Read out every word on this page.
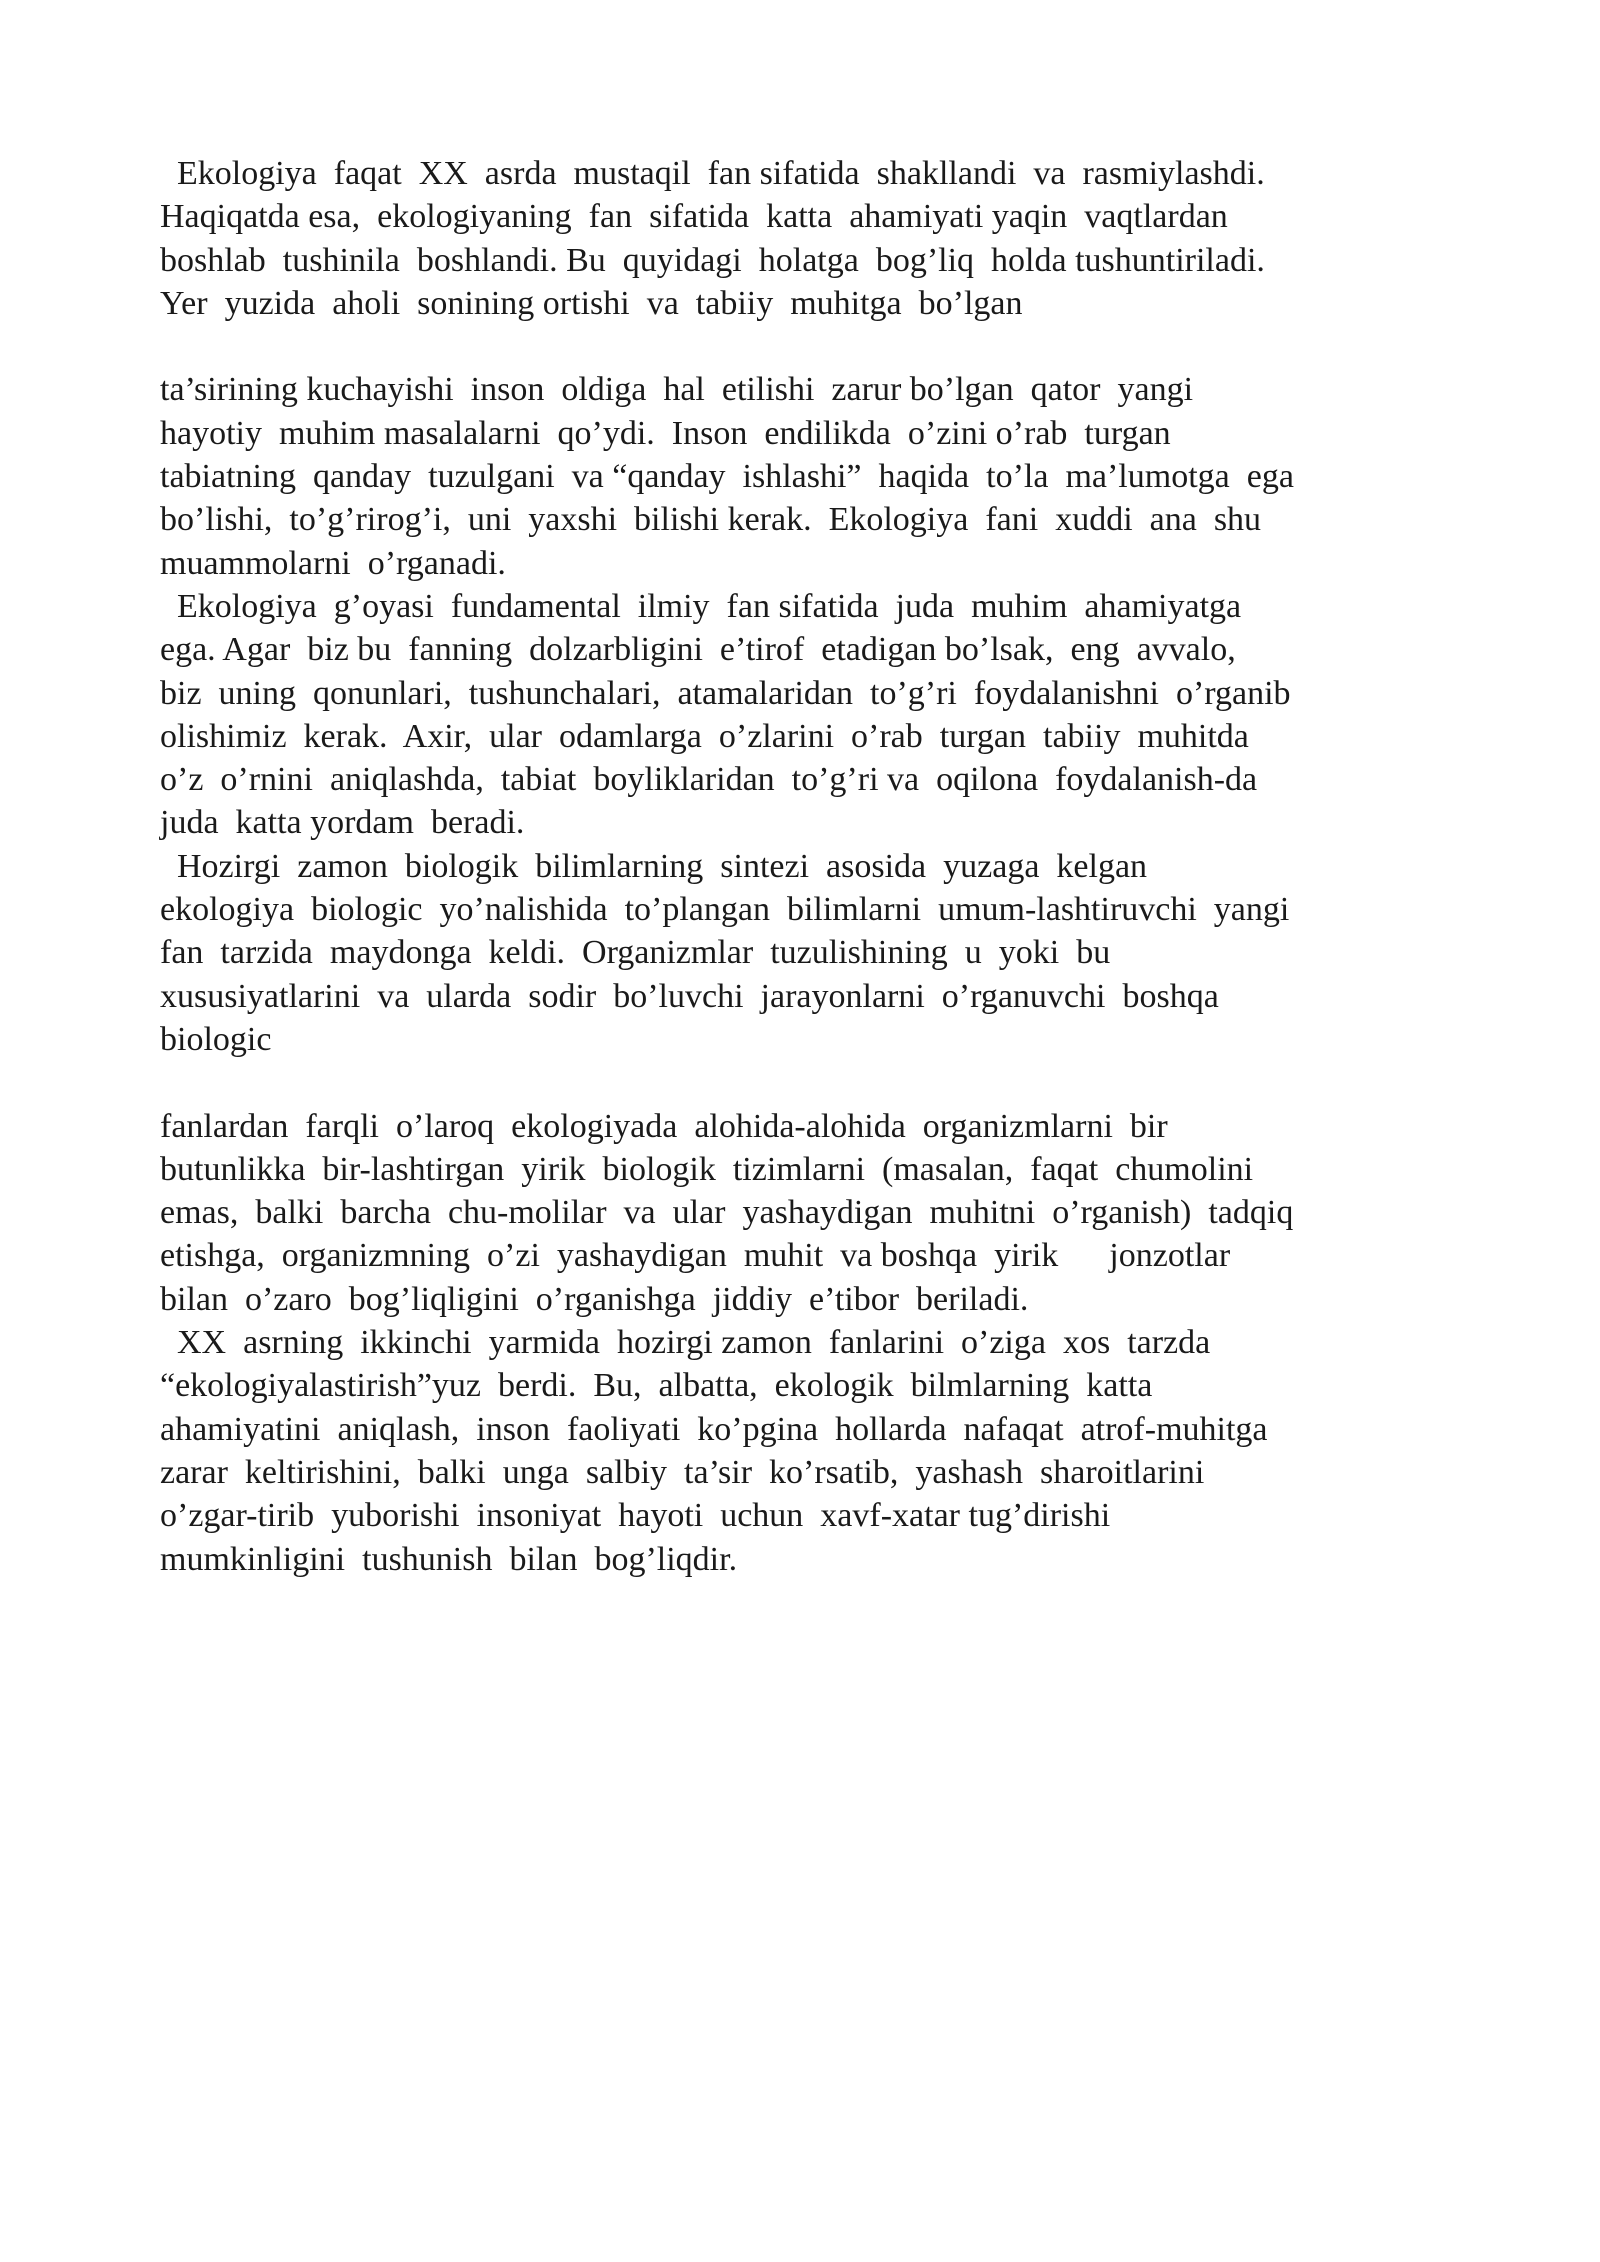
Ekologiya  faqat  XX  asrda  mustaqil  fan sifatida  shakllandi  va  rasmiylashdi.
Haqiqatda esa,  ekologiyaning  fan  sifatida  katta  ahamiyati yaqin  vaqtlardan
boshlab  tushinila  boshlandi. Bu  quyidagi  holatga  bog’liq  holda tushuntiriladi.
Yer  yuzida  aholi  sonining ortishi  va  tabiiy  muhitga  bo’lgan
ta’sirining kuchayishi  inson  oldiga  hal  etilishi  zarur bo’lgan  qator  yangi
hayotiy  muhim masalalarni  qo’ydi.  Inson  endilikda  o’zini o’rab  turgan
tabiatning  qanday  tuzulgani  va “qanday  ishlashi”  haqida  to’la  ma’lumotga  ega
bo’lishi,  to’g’rirog’i,  uni  yaxshi  bilishi kerak.  Ekologiya  fani  xuddi  ana  shu
muammolarni  o’rganadi.
Ekologiya  g’oyasi  fundamental  ilmiy  fan sifatida  juda  muhim  ahamiyatga
ega. Agar  biz bu  fanning  dolzarbligini  e’tirof  etadigan bo’lsak,  eng  avvalo,
biz  uning  qonunlari,  tushunchalari,  atamalaridan  to’g’ri  foydalanishni  o’rganib
olishimiz  kerak.  Axir,  ular  odamlarga  o’zlarini  o’rab  turgan  tabiiy  muhitda
o’z  o’rnini  aniqlashda,  tabiat  boyliklaridan  to’g’ri va  oqilona  foydalanish-da
juda  katta yordam  beradi.
Hozirgi  zamon  biologik  bilimlarning  sintezi  asosida  yuzaga  kelgan
ekologiya  biologic  yo’nalishida  to’plangan  bilimlarni  umum-lashtiruvchi  yangi
fan  tarzida  maydonga  keldi.  Organizmlar  tuzulishining  u  yoki  bu
xususiyatlarini  va  ularda  sodir  bo’luvchi  jarayonlarni  o’rganuvchi  boshqa
biologic
fanlardan  farqli  o’laroq  ekologiyada  alohida-alohida  organizmlarni  bir
butunlikka  bir-lashtirgan  yirik  biologik  tizimlarni  (masalan,  faqat  chumolini
emas,  balki  barcha  chu-molilar  va  ular  yashaydigan  muhitni  o’rganish)  tadqiq
etishga,  organizmning  o’zi  yashaydigan  muhit  va boshqa  yirik      jonzotlar
bilan  o’zaro  bog’liqligini  o’rganishga  jiddiy  e’tibor  beriladi.
XX  asrning  ikkinchi  yarmida  hozirgi zamon  fanlarini  o’ziga  xos  tarzda
“ekologiyalastirish”yuz  berdi.  Bu,  albatta,  ekologik  bilmlarning  katta
ahamiyatini  aniqlash,  inson  faoliyati  ko’pgina  hollarda  nafaqat  atrof-muhitga
zarar  keltirishini,  balki  unga  salbiy  ta’sir  ko’rsatib,  yashash  sharoitlarini
o’zgar-tirib  yuborishi  insoniyat  hayoti  uchun  xavf-xatar tug’dirishi
mumkinligini  tushunish  bilan  bog’liqdir.
